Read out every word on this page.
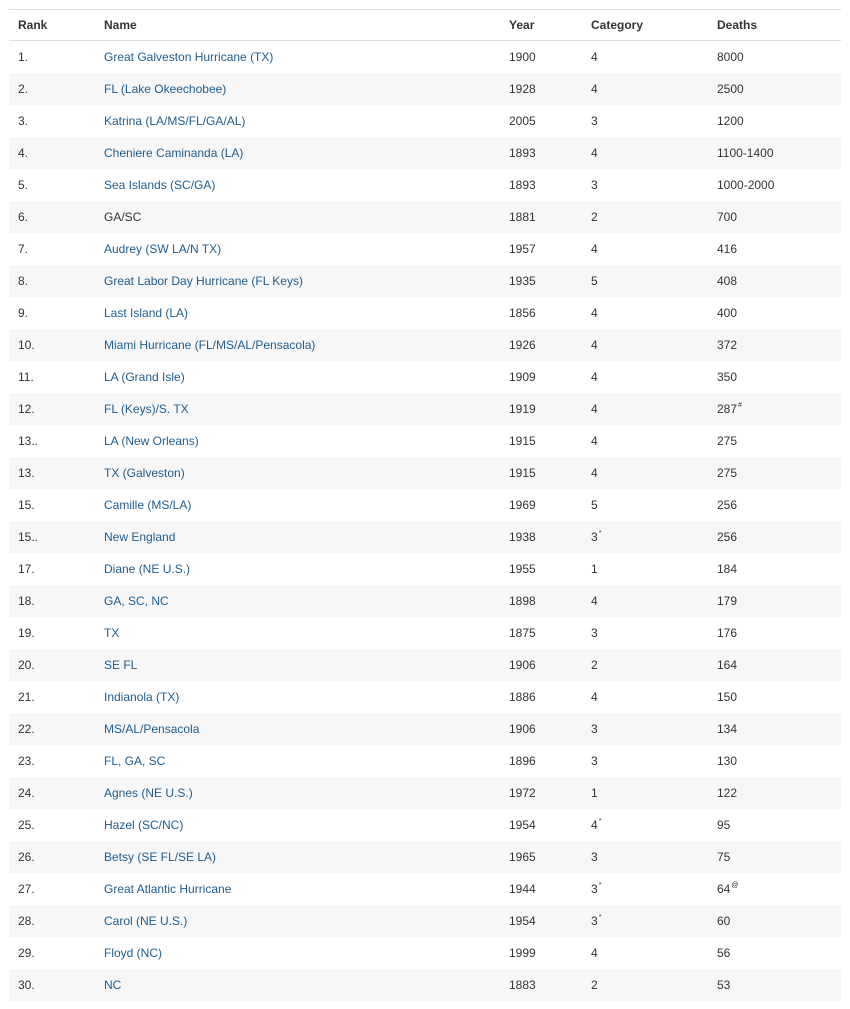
Rank	Name	Year	Category	Deaths
1.	Great Galveston Hurricane (TX)	1900	4	8000
2.	FL (Lake Okeechobee)	1928	4	2500
3.	Katrina (LA/MS/FL/GA/AL)	2005	3	1200
4.	Cheniere Caminanda (LA)	1893	4	1100-1400
5.	Sea Islands (SC/GA)	1893	3	1000-2000
6.	GA/SC	1881	2	700
7.	Audrey (SW LA/N TX)	1957	4	416
8.	Great Labor Day Hurricane (FL Keys)	1935	5	408
9.	Last Island (LA)	1856	4	400
10.	Miami Hurricane (FL/MS/AL/Pensacola)	1926	4	372
11.	LA (Grand Isle)	1909	4	350
12.	FL (Keys)/S. TX	1919	4	287#
13..	LA (New Orleans)	1915	4	275
13.	TX (Galveston)	1915	4	275
15.	Camille (MS/LA)	1969	5	256
15..	New England	1938	3*	256
17.	Diane (NE U.S.)	1955	1	184
18.	GA, SC, NC	1898	4	179
19.	TX	1875	3	176
20.	SE FL	1906	2	164
21.	Indianola (TX)	1886	4	150
22.	MS/AL/Pensacola	1906	3	134
23.	FL, GA, SC	1896	3	130
24.	Agnes (NE U.S.)	1972	1	122
25.	Hazel (SC/NC)	1954	4*	95
26.	Betsy (SE FL/SE LA)	1965	3	75
27.	Great Atlantic Hurricane	1944	3*	64@
28.	Carol (NE U.S.)	1954	3*	60
29.	Floyd (NC)	1999	4	56
30.	NC	1883	2	53
